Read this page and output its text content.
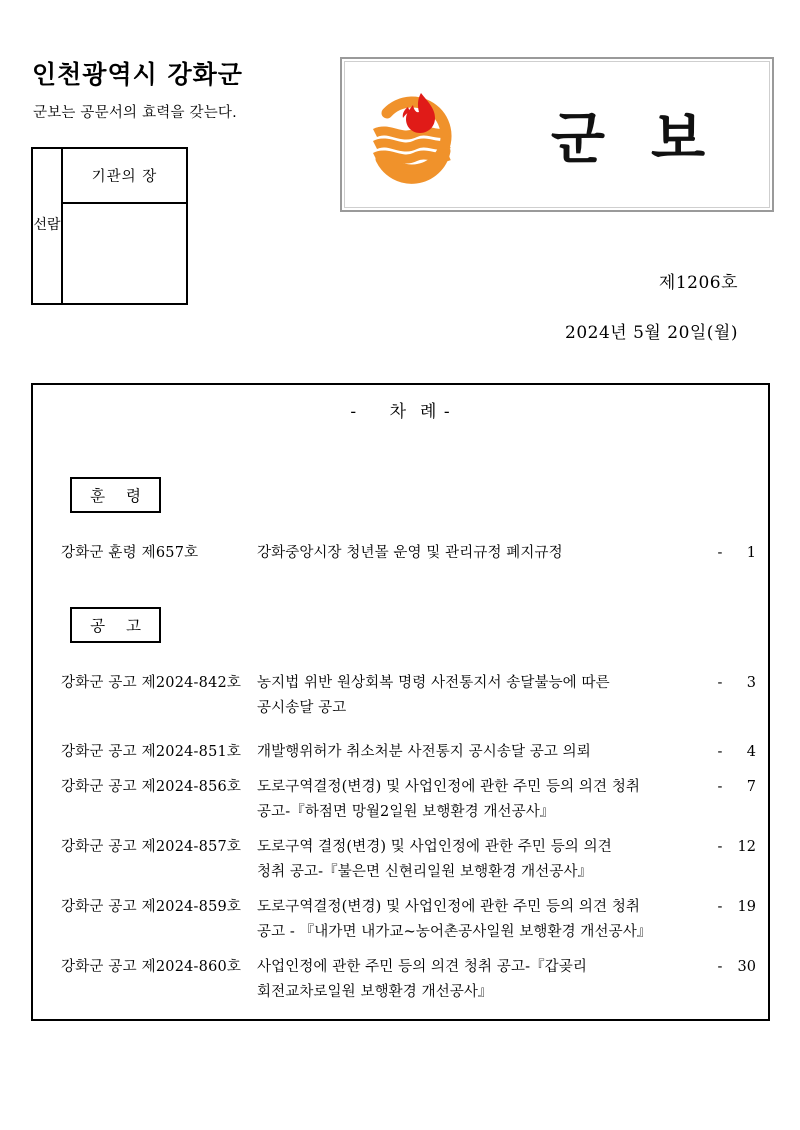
인천광역시 강화군
군보는 공문서의 효력을 갖는다.
선람
기관의 장
군보
제1206호
2024년 5월 20일(월)
- 차례 -
훈 령
강화군 훈령 제657호	강화중앙시장 청년몰 운영 및 관리규정 폐지규정	-	1
공 고
강화군 공고 제2024-842호	농지법 위반 원상회복 명령 사전통지서 송달불능에 따른
공시송달 공고
-	3
강화군 공고 제2024-851호	개발행위허가 취소처분 사전통지 공시송달 공고 의뢰	-	4
강화군 공고 제2024-856호	도로구역결정(변경) 및 사업인정에 관한 주민 등의 의견 청취
공고-『하점면 망월2일원 보행환경 개선공사』
-	7
강화군 공고 제2024-857호	도로구역 결정(변경) 및 사업인정에 관한 주민 등의 의견
청취 공고-『불은면 신현리일원 보행환경 개선공사』
-	12
강화군 공고 제2024-859호	도로구역결정(변경) 및 사업인정에 관한 주민 등의 의견 청취
공고 - 『내가면 내가교~농어촌공사일원 보행환경 개선공사』
-	19
강화군 공고 제2024-860호	사업인정에 관한 주민 등의 의견 청취 공고-『갑곶리
회전교차로일원 보행환경 개선공사』
-	30
